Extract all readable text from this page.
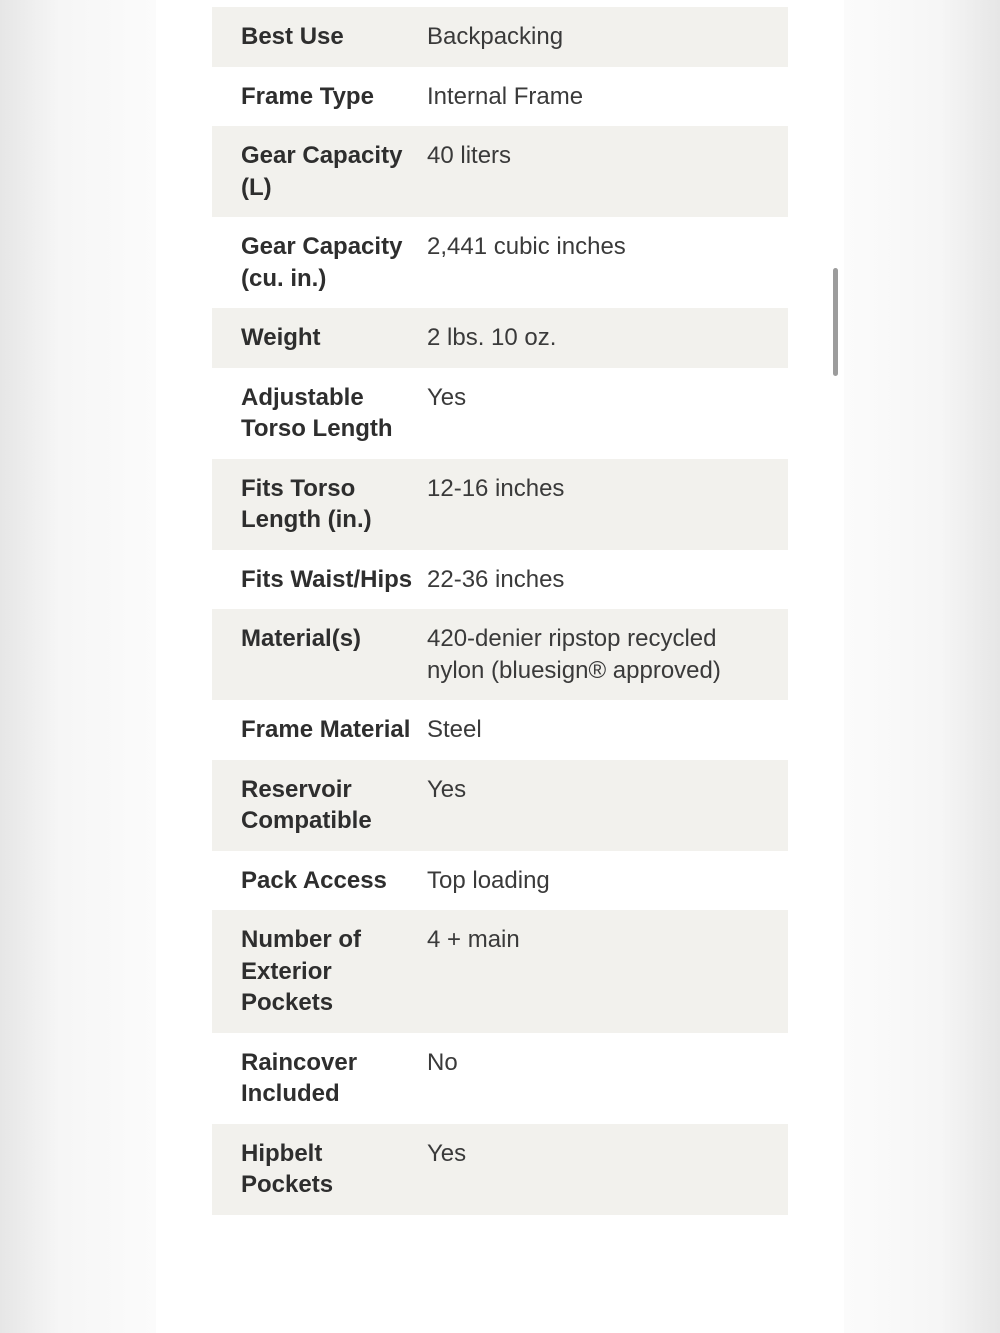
Best Use	Backpacking
Frame Type	Internal Frame
Gear Capacity (L)	40 liters
Gear Capacity (cu. in.)	2,441 cubic inches
Weight	2 lbs. 10 oz.
Adjustable Torso Length	Yes
Fits Torso Length (in.)	12-16 inches
Fits Waist/Hips	22-36 inches
Material(s)	420-denier ripstop recycled nylon (bluesign® approved)
Frame Material	Steel
Reservoir Compatible	Yes
Pack Access	Top loading
Number of Exterior Pockets	4 + main
Raincover Included	No
Hipbelt Pockets	Yes
